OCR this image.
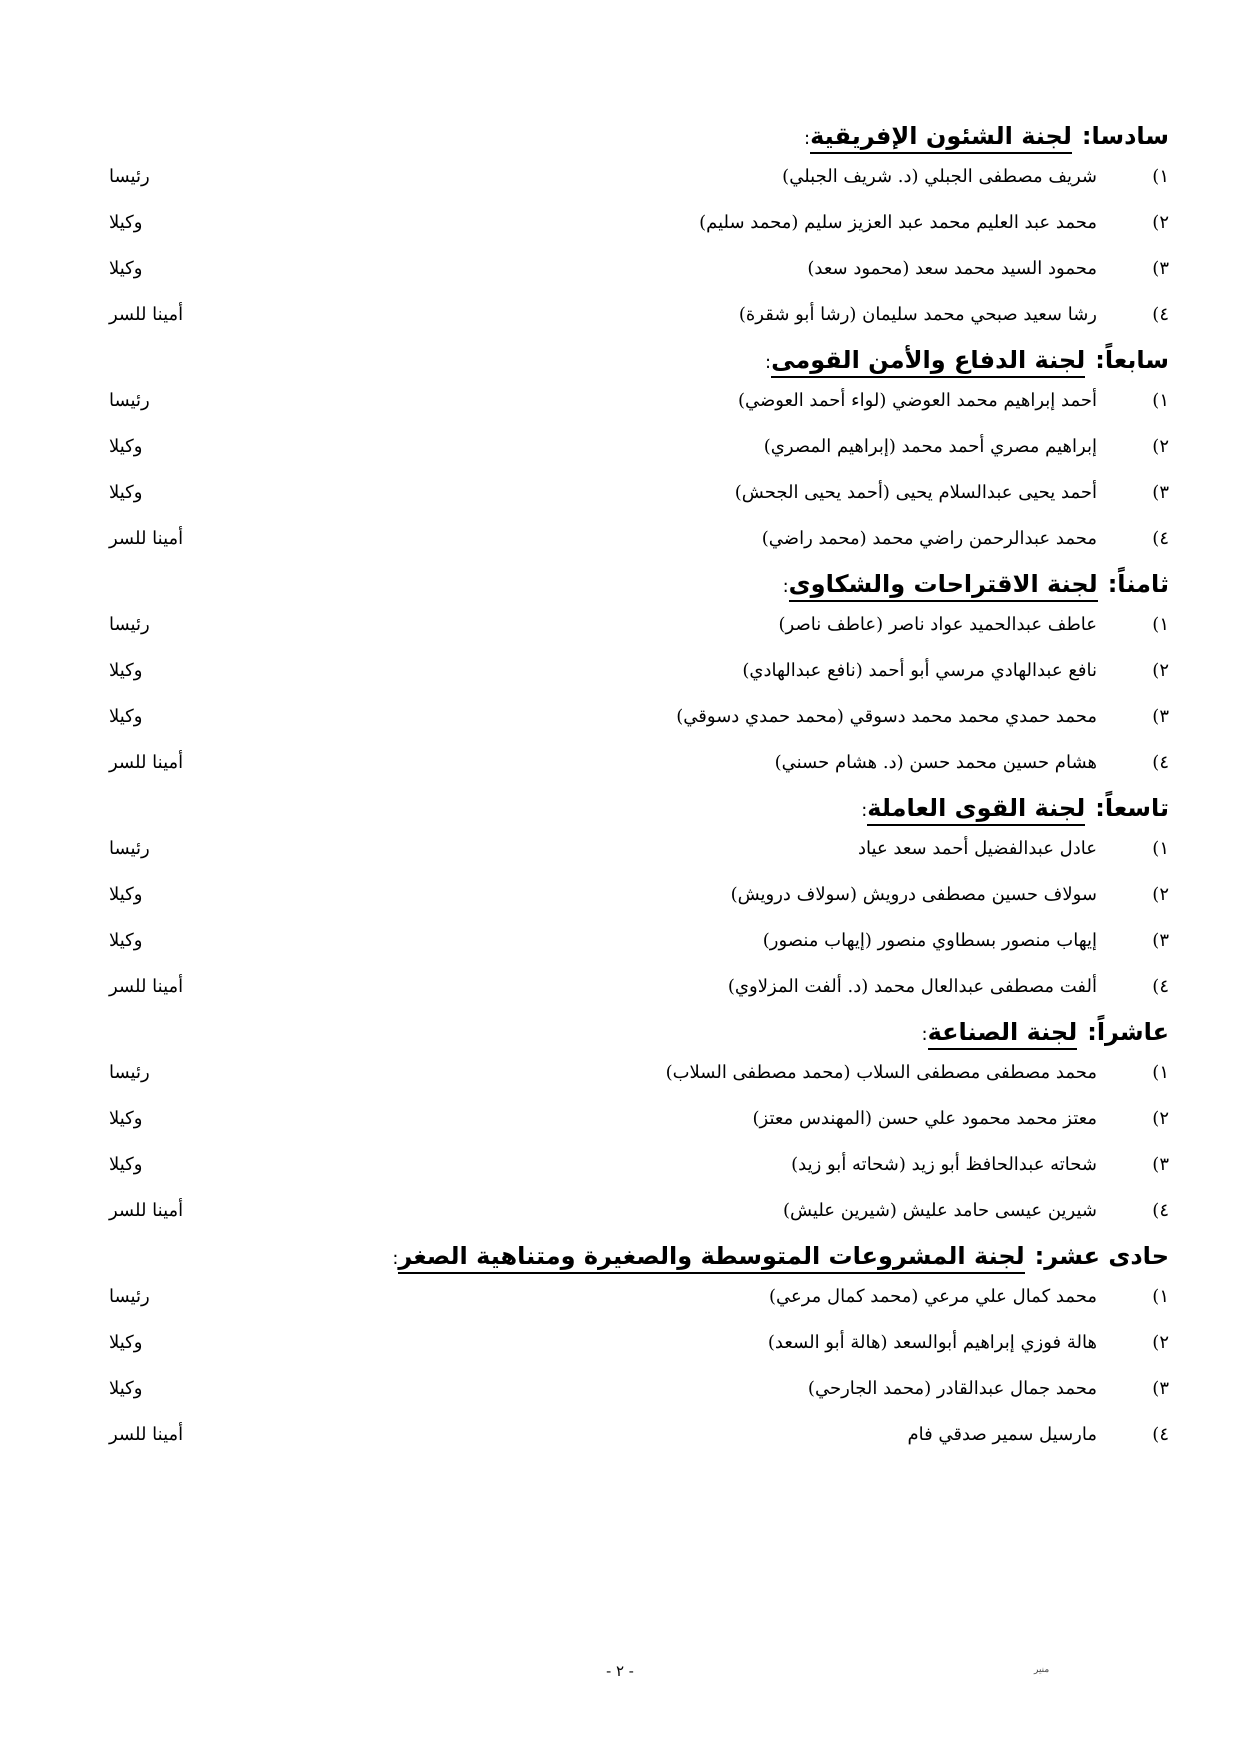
سادسا:لجنة الشئون الإفريقية:
١)
شريف مصطفى الجبلي (د. شريف الجبلي)
رئيسا
٢)
محمد عبد العليم محمد عبد العزيز سليم (محمد سليم)
وكيلا
٣)
محمود السيد محمد سعد (محمود سعد)
وكيلا
٤)
رشا سعيد صبحي محمد سليمان (رشا أبو شقرة)
أمينا للسر
سابعاً:لجنة الدفاع والأمن القومى:
١)
أحمد إبراهيم محمد العوضي (لواء أحمد العوضي)
رئيسا
٢)
إبراهيم مصري أحمد محمد (إبراهيم المصري)
وكيلا
٣)
أحمد يحيى عبدالسلام يحيى (أحمد يحيى الجحش)
وكيلا
٤)
محمد عبدالرحمن راضي محمد (محمد راضي)
أمينا للسر
ثامناً:لجنة الاقتراحات والشكاوى:
١)
عاطف عبدالحميد عواد ناصر (عاطف ناصر)
رئيسا
٢)
نافع عبدالهادي مرسي أبو أحمد (نافع عبدالهادي)
وكيلا
٣)
محمد حمدي محمد محمد دسوقي (محمد حمدي دسوقي)
وكيلا
٤)
هشام حسين محمد حسن (د. هشام حسني)
أمينا للسر
تاسعاً:لجنة القوى العاملة:
١)
عادل عبدالفضيل أحمد سعد عياد
رئيسا
٢)
سولاف حسين مصطفى درويش (سولاف درويش)
وكيلا
٣)
إيهاب منصور بسطاوي منصور (إيهاب منصور)
وكيلا
٤)
ألفت مصطفى عبدالعال محمد (د. ألفت المزلاوي)
أمينا للسر
عاشراً:لجنة الصناعة:
١)
محمد مصطفى مصطفى السلاب (محمد مصطفى السلاب)
رئيسا
٢)
معتز محمد محمود علي حسن (المهندس معتز)
وكيلا
٣)
شحاته عبدالحافظ أبو زيد (شحاته أبو زيد)
وكيلا
٤)
شيرين عيسى حامد عليش (شيرين عليش)
أمينا للسر
حادى عشر:لجنة المشروعات المتوسطة والصغيرة ومتناهية الصغر:
١)
محمد كمال علي مرعي (محمد كمال مرعي)
رئيسا
٢)
هالة فوزي إبراهيم أبوالسعد (هالة أبو السعد)
وكيلا
٣)
محمد جمال عبدالقادر (محمد الجارحي)
وكيلا
٤)
مارسيل سمير صدقي فام
أمينا للسر
- ٢ -	منير
